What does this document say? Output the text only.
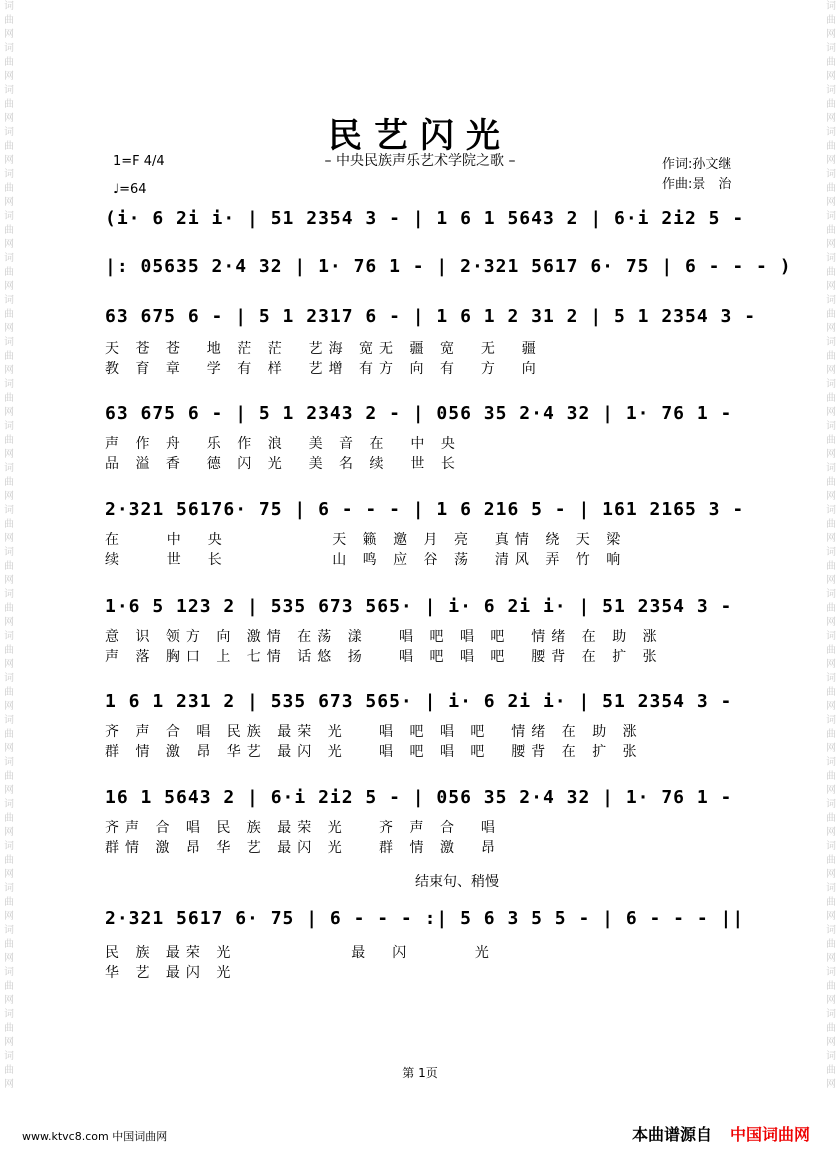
词曲网词曲网词曲网词曲网词曲网词曲网词曲网词曲网词曲网词曲网词曲网词曲网词曲网词曲网词曲网词曲网词曲网词曲网词曲网词曲网词曲网词曲网词曲网词曲网词曲网词曲网
词曲网词曲网词曲网词曲网词曲网词曲网词曲网词曲网词曲网词曲网词曲网词曲网词曲网词曲网词曲网词曲网词曲网词曲网词曲网词曲网词曲网词曲网词曲网词曲网词曲网词曲网
民艺闪光
– 中央民族声乐艺术学院之歌 –
1=F 4/4
♩=64
作词:孙文继
作曲:景　治
(i· 6 2i i· | 51 2354 3 - | 1 6 1 5643 2 | 6·i 2i2 5 -
|: 05635 2·4 32 | 1· 76 1 - | 2·321 5617 6· 75 | 6 - - - )
63 675 6 - | 5 1 2317 6 - | 1 6 1 2 31 2 | 5 1 2354 3 -
天 苍 苍  地 茫 茫  艺海 宽无 疆 宽  无  疆
教 育 章  学 有 样  艺增 有方 向 有  方  向
63 675 6 - | 5 1 2343 2 - | 056 35 2·4 32 | 1· 76 1 -
声 作 舟  乐 作 浪  美 音 在  中 央
品 溢 香  德 闪 光  美 名 续  世 长
2·321 56176· 75 | 6 - - - | 1 6 216 5 - | 161 2165 3 -
在    中  央          天 籁 邀 月 亮  真情 绕 天 梁
续    世  长          山 鸣 应 谷 荡  清风 弄 竹 响
1·6 5 123 2 | 535 673 565· | i· 6 2i i· | 51 2354 3 -
意 识 领方 向 激情 在荡 漾   唱 吧 唱 吧  情绪 在 助 涨
声 落 胸口 上 七情 话悠 扬   唱 吧 唱 吧  腰背 在 扩 张
1 6 1 231 2 | 535 673 565· | i· 6 2i i· | 51 2354 3 -
齐 声 合 唱 民族 最荣 光   唱 吧 唱 吧  情绪 在 助 涨
群 情 激 昂 华艺 最闪 光   唱 吧 唱 吧  腰背 在 扩 张
16 1 5643 2 | 6·i 2i2 5 - | 056 35 2·4 32 | 1· 76 1 -
齐声 合 唱 民 族 最荣 光   齐 声 合  唱
群情 激 昂 华 艺 最闪 光   群 情 激  昂
结束句、稍慢
2·321 5617 6· 75 | 6 - - - :| 5 6 3 5 5 - | 6 - - - ||
民 族 最荣 光           最  闪      光
华 艺 最闪 光
第 1页
www.ktvc8.com 中国词曲网	本曲谱源自 中国词曲网
